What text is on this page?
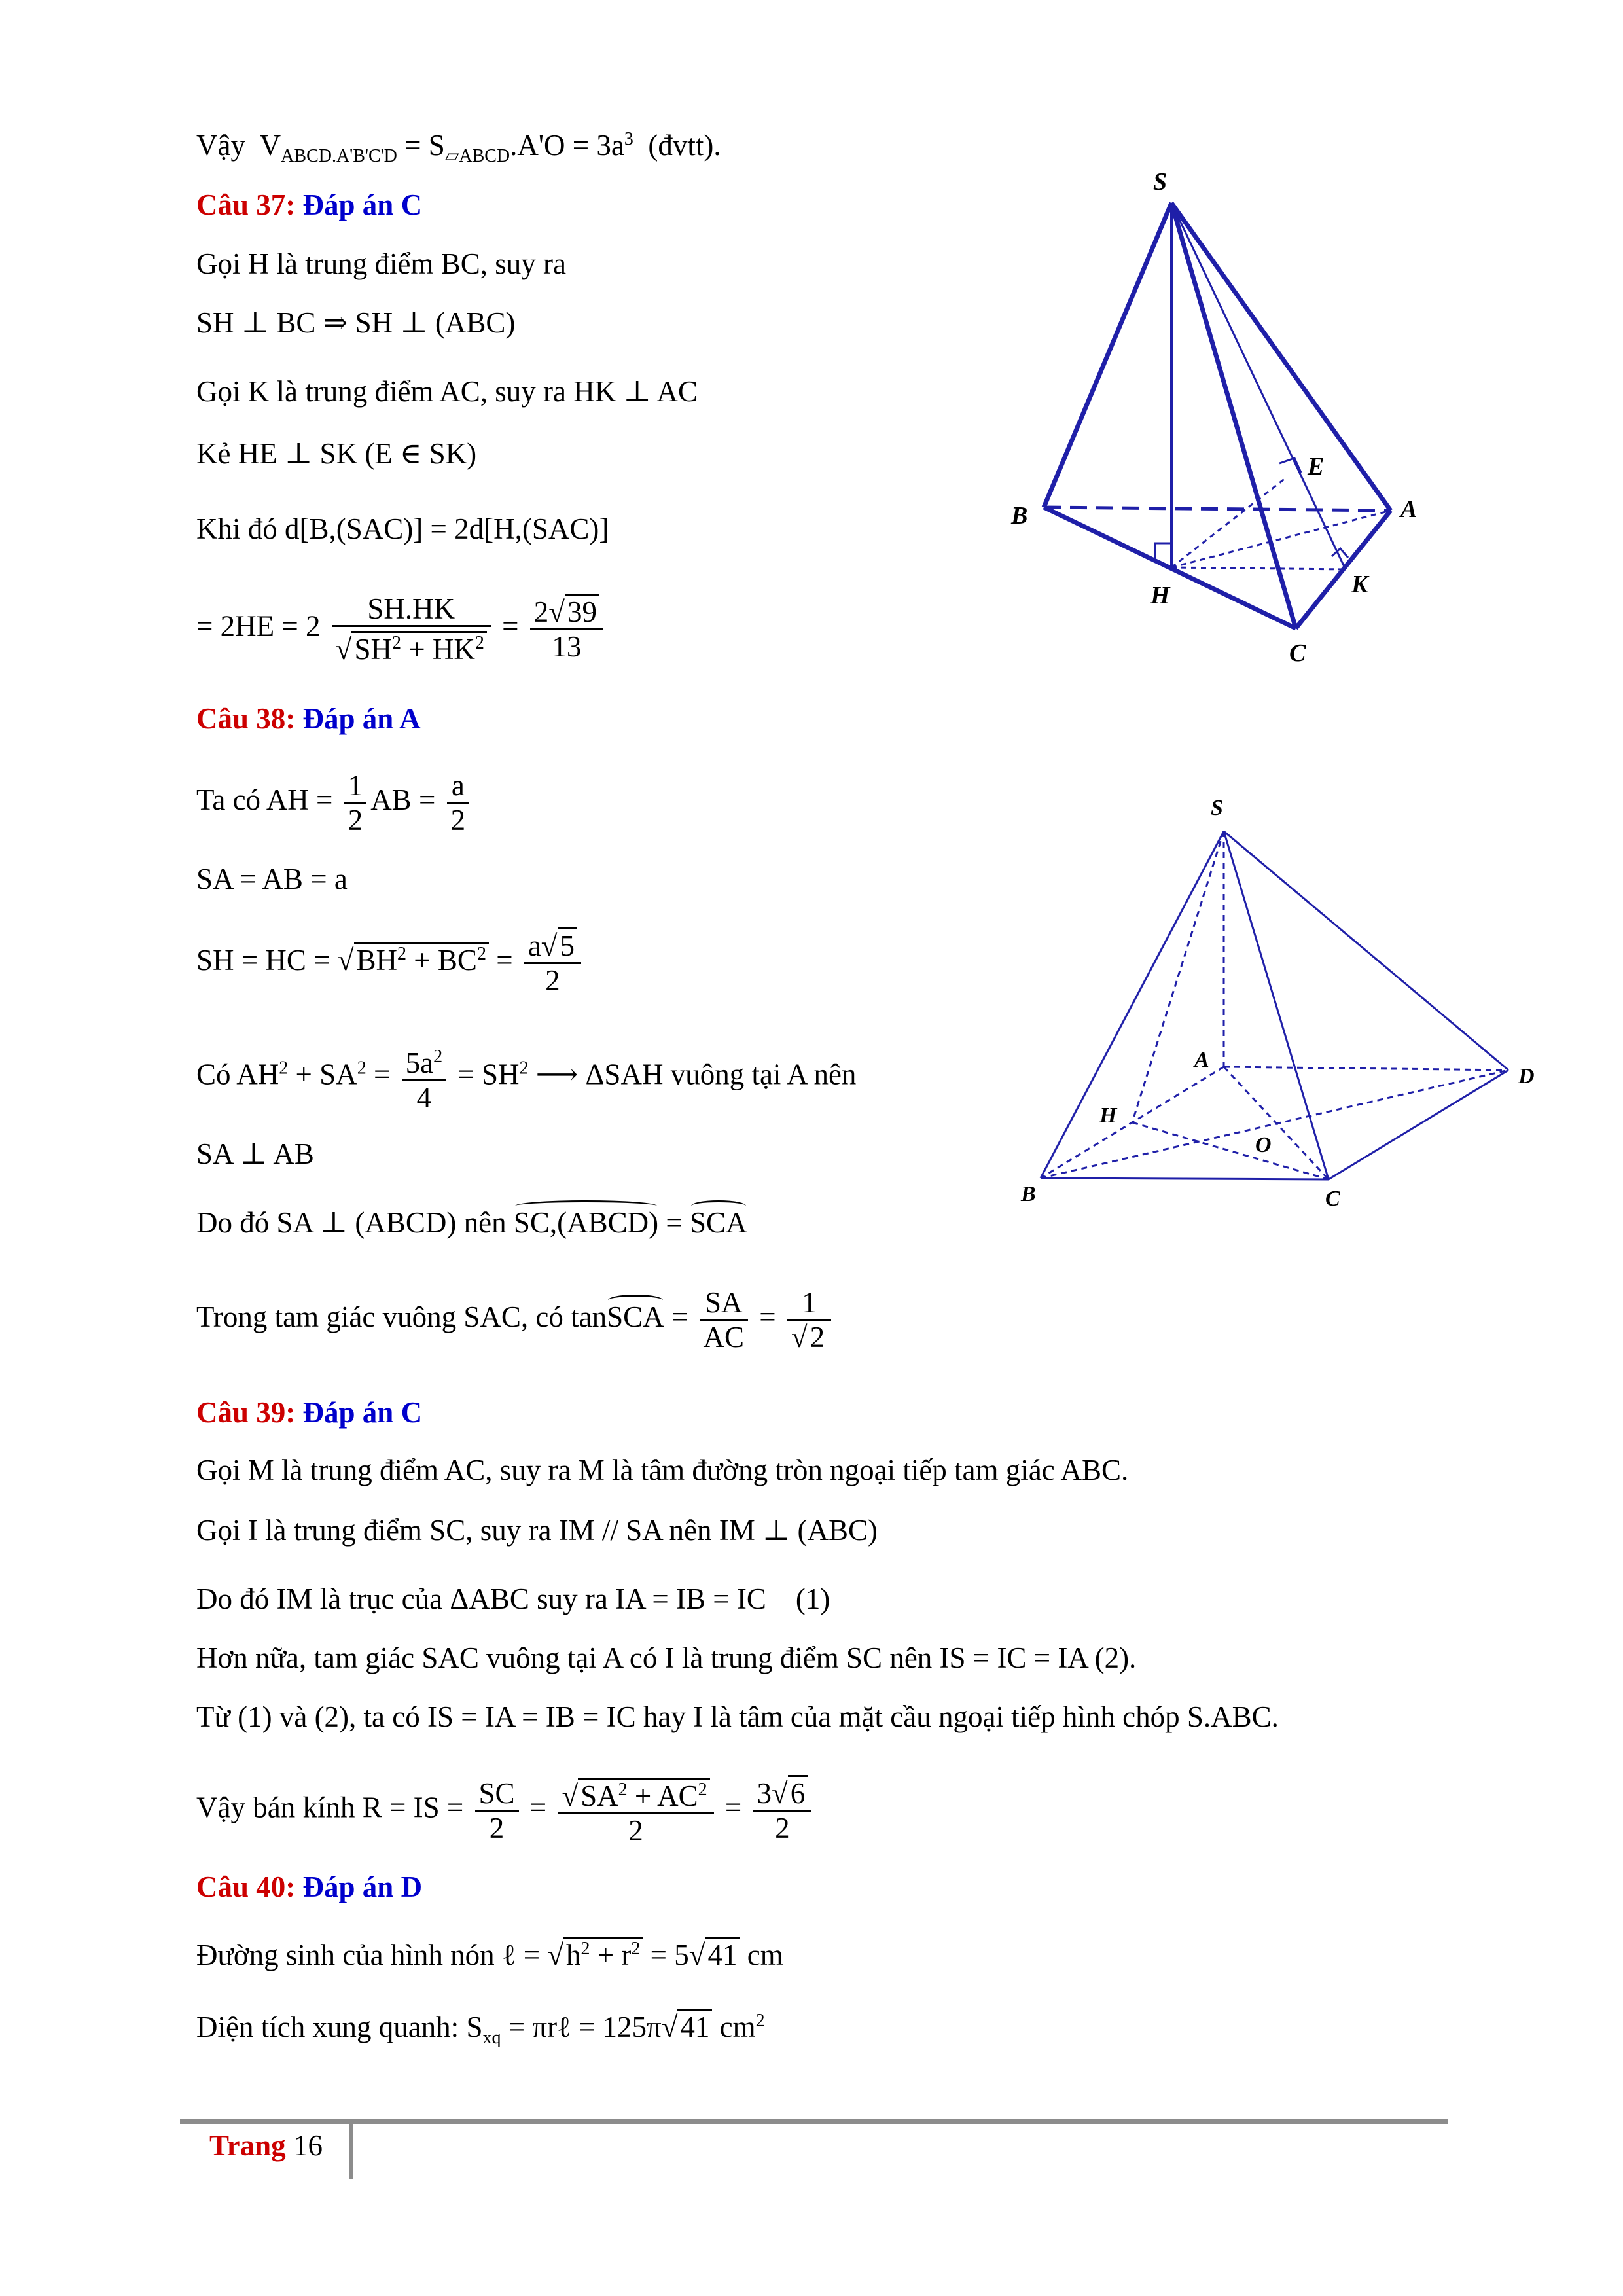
Vậy  $V_{ABCD.A'B'C'D} = S_{▱ABCD}.A'O = 3a^3$ (đvtt).
Câu 37: Đáp án C
Gọi H là trung điểm BC, suy ra
SH ⊥ BC ⇒ SH ⊥ (ABC)
Gọi K là trung điểm AC, suy ra HK ⊥ AC
Kẻ HE ⊥ SK (E ∈ SK)
Khi đó d[B,(SAC)] = 2d[H,(SAC)]
= $2HE = 2 \frac{SH.HK}{√SH^2 + HK^2} = \frac{2√39}{13}$
Câu 38: Đáp án A
Ta có AH = $\frac{1}{2}$ AB = $\frac{a}{2}$
SA = AB = a
SH = HC = $√BH^2 + BC^2 = \frac{a√5}{2}$
Có $AH^2 + SA^2 = \frac{5a^2}{4} = SH^2$ ⟶ ΔSAH vuông tại A nên
SA ⊥ AB
Do đó SA ⊥ (ABCD) nên SC,(ABCD) = SCA
Trong tam giác vuông SAC, có tanSCA = $\frac{SA}{AC} = \frac{1}{√2}$
Câu 39: Đáp án C
Gọi M là trung điểm AC, suy ra M là tâm đường tròn ngoại tiếp tam giác ABC.
Gọi I là trung điểm SC, suy ra IM // SA nên IM ⊥ (ABC)
Do đó IM là trục của ΔABC suy ra IA = IB = IC    (1)
Hơn nữa, tam giác SAC vuông tại A có I là trung điểm SC nên IS = IC = IA (2).
Từ (1) và (2), ta có IS = IA = IB = IC hay I là tâm của mặt cầu ngoại tiếp hình chóp S.ABC.
Vậy bán kính R = IS = $\frac{SC}{2} = \frac{√SA^2 + AC^2}{2} = \frac{3√6}{2}$
Câu 40: Đáp án D
Đường sinh của hình nón ℓ = $√h^2 + r^2 = 5√41$ cm
Diện tích xung quanh: $S_{xq}$ = πrℓ = 125π√41 $cm^2$
S
B	A
H	K
E
C
S
A
D
H
O
B	C
Trang 16
